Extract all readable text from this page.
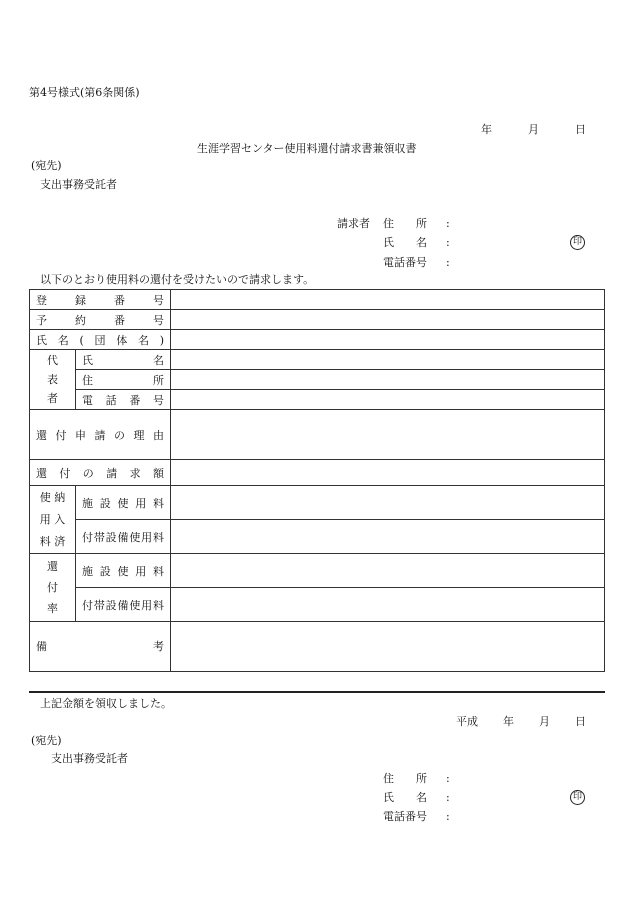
第4号様式(第6条関係)
年	月	日
生涯学習センター使用料還付請求書兼領収書
(宛先)
支出事務受託者
請求者 住　　所 :
氏　　名 :	印
電話番号 :
以下のとおり使用料の還付を受けたいので請求します。
登録番号		
予約番号		
氏名(団体名)		

代
表
者	氏名	
	住所	
	電話番号	
還付申請の理由		
還付の請求額		

使 納
用 入
料 済	施設使用料	
	付帯設備使用料	

還
付
率	施設使用料	
	付帯設備使用料	
備考		
上記金額を領収しました。
平成 年 月 日
(宛先)
支出事務受託者
住　　所 :
氏　　名 :	印
電話番号 :
